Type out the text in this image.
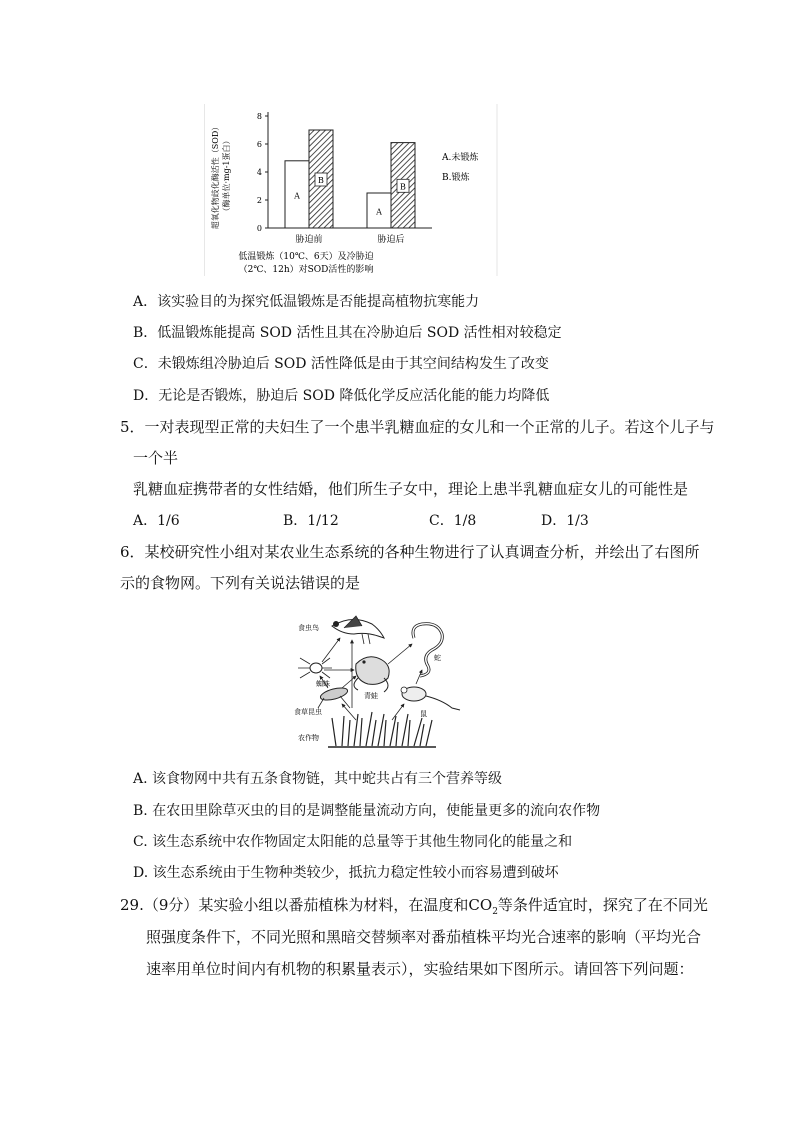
超氧化物歧化酶活性（SOD） （酶单位·mg-1蛋白）
0
2
4
6
8
A
B
胁迫前
A
B
胁迫后
A.未锻炼
B.锻炼
低温锻炼（10℃、6天）及冷胁迫
（2℃、12h）对SOD活性的影响
A．该实验目的为探究低温锻炼是否能提高植物抗寒能力
B．低温锻炼能提高 SOD 活性且其在冷胁迫后 SOD 活性相对较稳定
C．未锻炼组冷胁迫后 SOD 活性降低是由于其空间结构发生了改变
D．无论是否锻炼，胁迫后 SOD 降低化学反应活化能的能力均降低
5．一对表现型正常的夫妇生了一个患半乳糖血症的女儿和一个正常的儿子。若这个儿子与
一个半
乳糖血症携带者的女性结婚，他们所生子女中，理论上患半乳糖血症女儿的可能性是
A．1/6	B．1/12	C．1/8	D．1/3
6．某校研究性小组对某农业生态系统的各种生物进行了认真调查分析，并绘出了右图所
示的食物网。下列有关说法错误的是
食虫鸟
蛇
蜘蛛
青蛙
食草昆虫	鼠
农作物
A. 该食物网中共有五条食物链，其中蛇共占有三个营养等级
B. 在农田里除草灭虫的目的是调整能量流动方向，使能量更多的流向农作物
C. 该生态系统中农作物固定太阳能的总量等于其他生物同化的能量之和
D. 该生态系统由于生物种类较少，抵抗力稳定性较小而容易遭到破坏
29.（9分）某实验小组以番茄植株为材料，在温度和$CO_2$等条件适宜时，探究了在不同光
照强度条件下，不同光照和黑暗交替频率对番茄植株平均光合速率的影响（平均光合
速率用单位时间内有机物的积累量表示），实验结果如下图所示。请回答下列问题：
